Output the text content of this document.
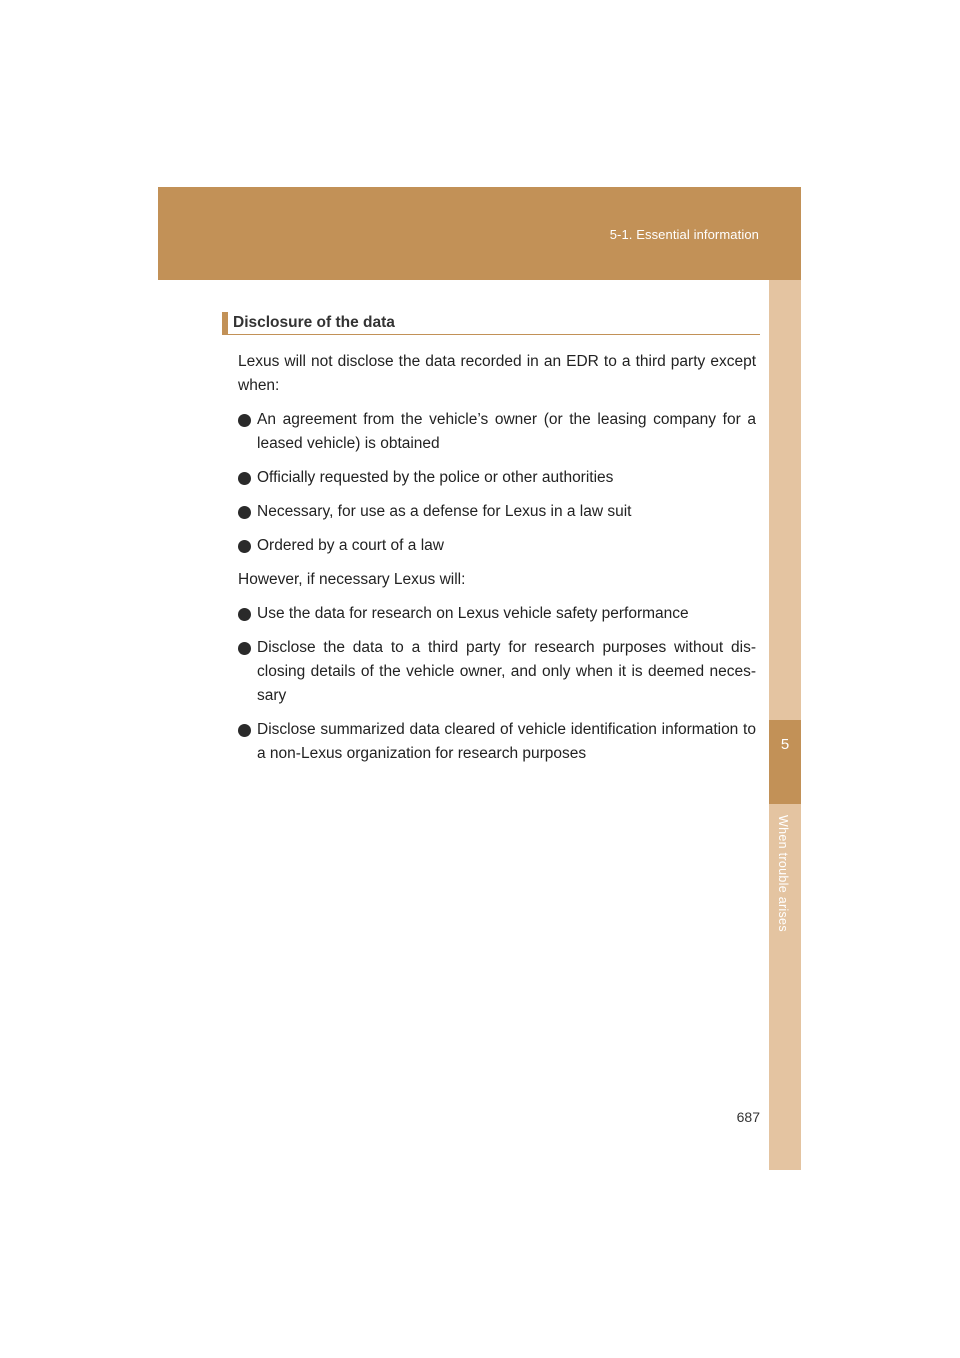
5-1. Essential information
5
When trouble arises
Disclosure of the data

Lexus will not disclose the data recorded in an EDR to a third party except when:

An agreement from the vehicle’s owner (or the leasing company for a leased vehicle) is obtained
Officially requested by the police or other authorities
Necessary, for use as a defense for Lexus in a law suit
Ordered by a court of a law

However, if necessary Lexus will:

Use the data for research on Lexus vehicle safety performance
Disclose the data to a third party for research purposes without disclosing details of the vehicle owner, and only when it is deemed necessary
Disclose summarized data cleared of vehicle identification information to a non-Lexus organization for research purposes
687
